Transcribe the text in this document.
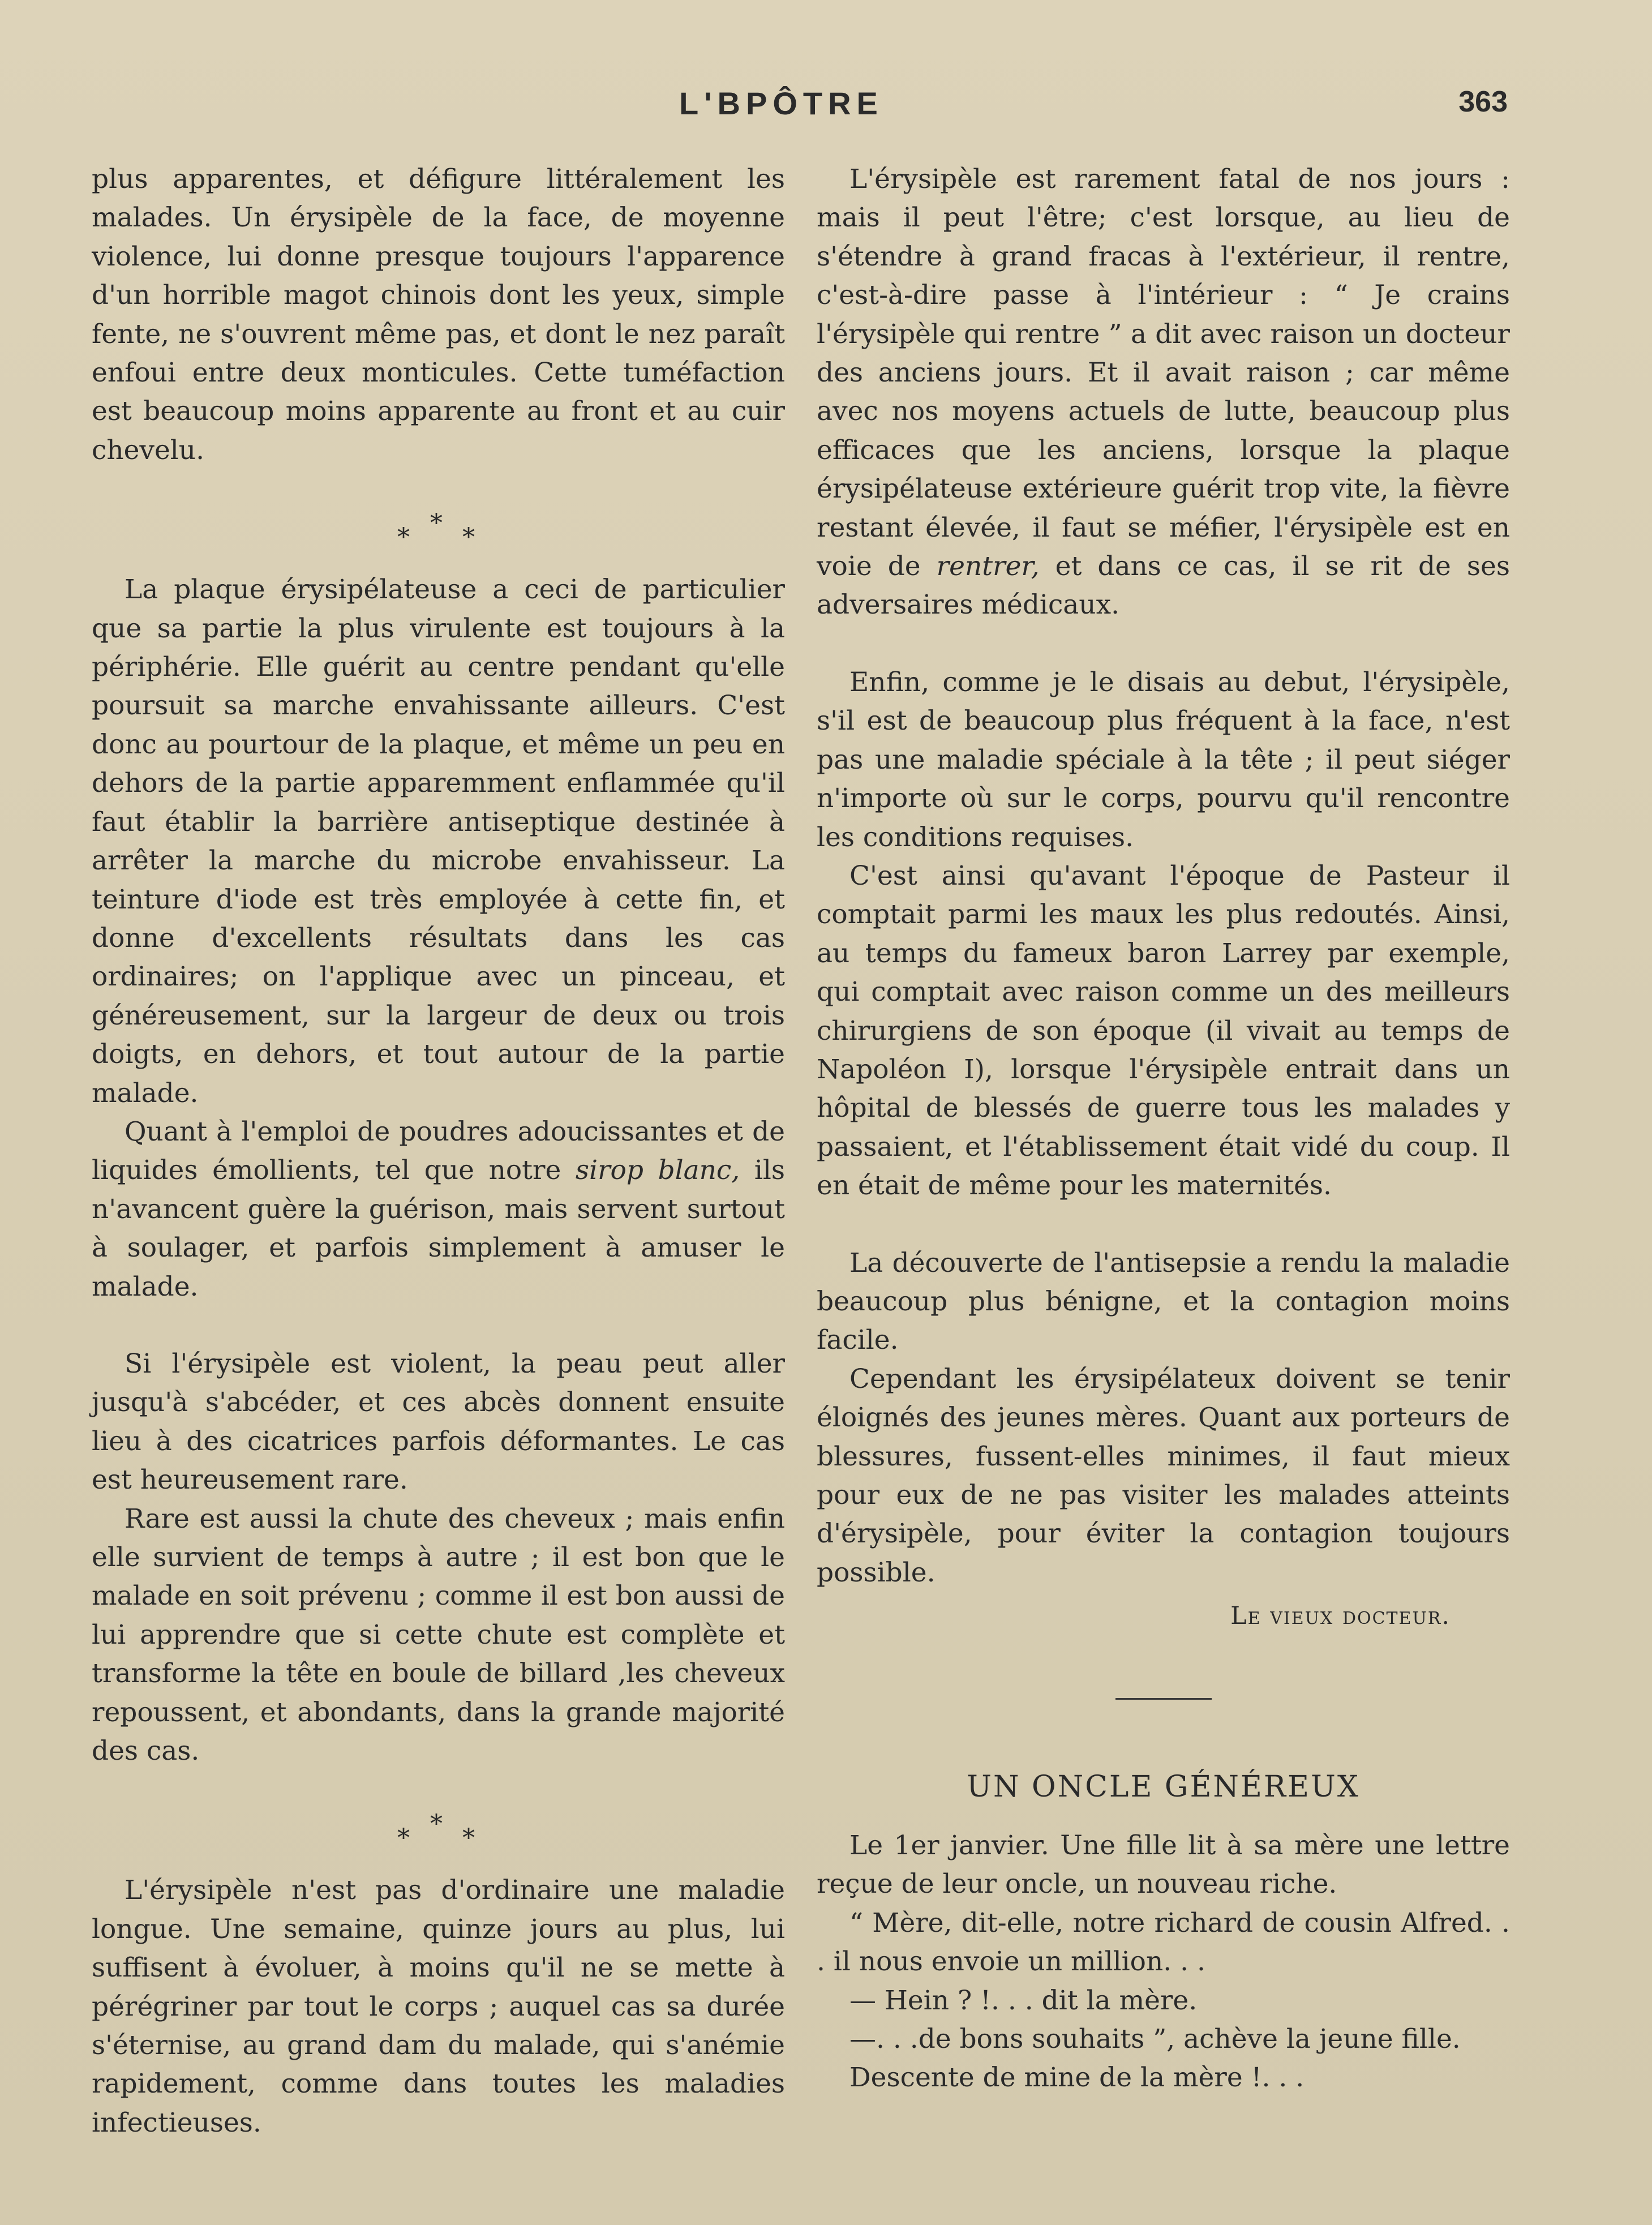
L'BPÔTRE	363

plus apparentes, et défigure littéralement les malades. Un érysipèle de la face, de moyenne violence, lui donne presque toujours l'apparence d'un horrible magot chinois dont les yeux, simple fente, ne s'ouvrent même pas, et dont le nez paraît enfoui entre deux monticules. Cette tuméfaction est beaucoup moins apparente au front et au cuir chevelu.

* * *

La plaque érysipélateuse a ceci de particulier que sa partie la plus virulente est toujours à la périphérie. Elle guérit au centre pendant qu'elle poursuit sa marche envahissante ailleurs. C'est donc au pourtour de la plaque, et même un peu en dehors de la partie apparemment enflammée qu'il faut établir la barrière antiseptique destinée à arrêter la marche du microbe envahisseur. La teinture d'iode est très employée à cette fin, et donne d'excellents résultats dans les cas ordinaires; on l'applique avec un pinceau, et généreusement, sur la largeur de deux ou trois doigts, en dehors, et tout autour de la partie malade.

Quant à l'emploi de poudres adoucissantes et de liquides émollients, tel que notre sirop blanc, ils n'avancent guère la guérison, mais servent surtout à soulager, et parfois simplement à amuser le malade.

Si l'érysipèle est violent, la peau peut aller jusqu'à s'abcéder, et ces abcès donnent ensuite lieu à des cicatrices parfois déformantes. Le cas est heureusement rare.

Rare est aussi la chute des cheveux ; mais enfin elle survient de temps à autre ; il est bon que le malade en soit prévenu ; comme il est bon aussi de lui apprendre que si cette chute est complète et transforme la tête en boule de billard ,les cheveux repoussent, et abondants, dans la grande majorité des cas.

* * *

L'érysipèle n'est pas d'ordinaire une maladie longue. Une semaine, quinze jours au plus, lui suffisent à évoluer, à moins qu'il ne se mette à pérégriner par tout le corps ; auquel cas sa durée s'éternise, au grand dam du malade, qui s'anémie rapidement, comme dans toutes les maladies infectieuses.

L'érysipèle est rarement fatal de nos jours : mais il peut l'être; c'est lorsque, au lieu de s'étendre à grand fracas à l'extérieur, il rentre, c'est-à-dire passe à l'intérieur : “ Je crains l'érysipèle qui rentre ” a dit avec raison un docteur des anciens jours. Et il avait raison ; car même avec nos moyens actuels de lutte, beaucoup plus efficaces que les anciens, lorsque la plaque érysipélateuse extérieure guérit trop vite, la fièvre restant élevée, il faut se méfier, l'érysipèle est en voie de rentrer, et dans ce cas, il se rit de ses adversaires médicaux.

Enfin, comme je le disais au debut, l'érysipèle, s'il est de beaucoup plus fréquent à la face, n'est pas une maladie spéciale à la tête ; il peut siéger n'importe où sur le corps, pourvu qu'il rencontre les conditions requises.

C'est ainsi qu'avant l'époque de Pasteur il comptait parmi les maux les plus redoutés. Ainsi, au temps du fameux baron Larrey par exemple, qui comptait avec raison comme un des meilleurs chirurgiens de son époque (il vivait au temps de Napoléon I), lorsque l'érysipèle entrait dans un hôpital de blessés de guerre tous les malades y passaient, et l'établissement était vidé du coup. Il en était de même pour les maternités.

La découverte de l'antisepsie a rendu la maladie beaucoup plus bénigne, et la contagion moins facile.

Cependant les érysipélateux doivent se tenir éloignés des jeunes mères. Quant aux porteurs de blessures, fussent-elles minimes, il faut mieux pour eux de ne pas visiter les malades atteints d'érysipèle, pour éviter la contagion toujours possible.

Le vieux docteur.
UN ONCLE GÉNÉREUX

Le 1er janvier. Une fille lit à sa mère une lettre reçue de leur oncle, un nouveau riche.

“ Mère, dit-elle, notre richard de cousin Alfred. . . il nous envoie un million. . .

— Hein ? !. . . dit la mère.

—. . .de bons souhaits ”, achève la jeune fille.

Descente de mine de la mère !. . .
